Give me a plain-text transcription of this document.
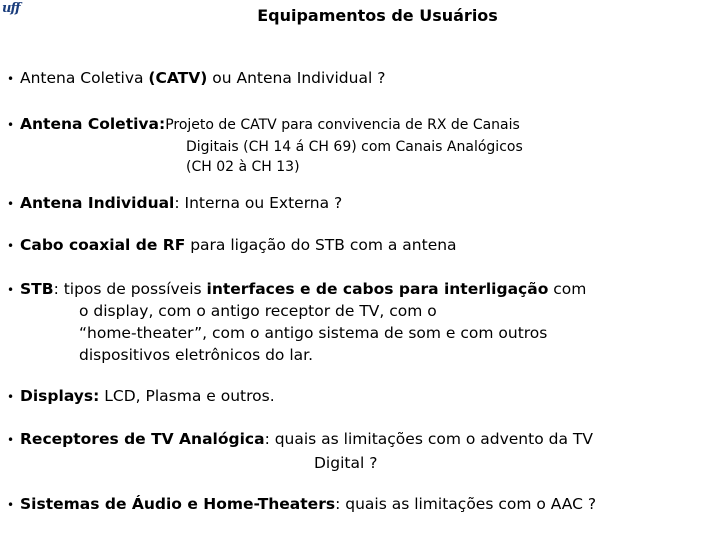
uff	Equipamentos de Usuários
• Antena Coletiva (CATV) ou Antena Individual ?
• Antena Coletiva:Projeto de CATV para convivencia de RX de Canais
Digitais (CH 14 á CH 69) com Canais Analógicos
(CH 02 à CH 13)
• Antena Individual: Interna ou Externa ?
• Cabo coaxial de RF para ligação do STB com a antena
• STB: tipos de possíveis interfaces e de cabos para interligação com
o display, com o antigo receptor de TV, com o
“home-theater”, com o antigo sistema de som e com outros
dispositivos eletrônicos do lar.
• Displays: LCD, Plasma e outros.
• Receptores de TV Analógica: quais as limitações com o advento da TV
Digital ?
• Sistemas de Áudio e Home-Theaters: quais as limitações com o AAC ?
